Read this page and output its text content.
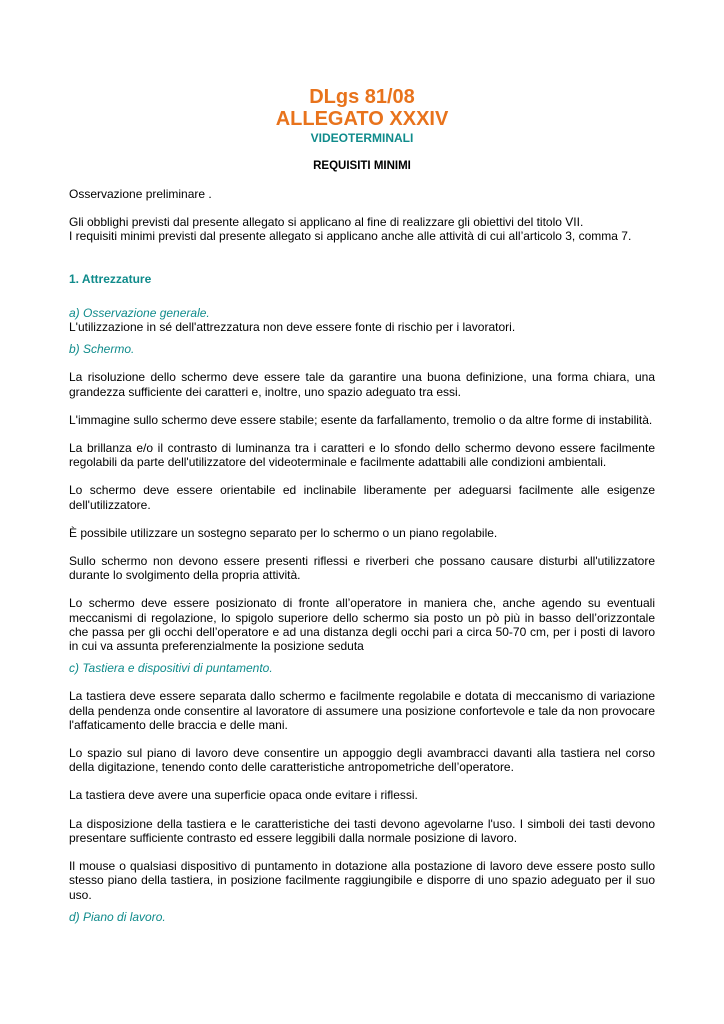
DLgs 81/08
ALLEGATO XXXIV
VIDEOTERMINALI
REQUISITI MINIMI

Osservazione preliminare .

Gli obblighi previsti dal presente allegato si applicano al fine di realizzare gli obiettivi del titolo VII.

I requisiti minimi previsti dal presente allegato si applicano anche alle attività di cui all’articolo 3, comma 7.

1. Attrezzature

a) Osservazione generale.

L'utilizzazione in sé dell'attrezzatura non deve essere fonte di rischio per i lavoratori.

b) Schermo.

La risoluzione dello schermo deve essere tale da garantire una buona definizione, una forma chiara, una grandezza sufficiente dei caratteri e, inoltre, uno spazio adeguato tra essi.

L'immagine sullo schermo deve essere stabile; esente da farfallamento, tremolio o da altre forme di instabilità.

La brillanza e/o il contrasto di luminanza tra i caratteri e lo sfondo dello schermo devono essere facilmente regolabili da parte dell'utilizzatore del videoterminale e facilmente adattabili alle condizioni ambientali.

Lo schermo deve essere orientabile ed inclinabile liberamente per adeguarsi facilmente alle esigenze dell'utilizzatore.

È possibile utilizzare un sostegno separato per lo schermo o un piano regolabile.

Sullo schermo non devono essere presenti riflessi e riverberi che possano causare disturbi all'utilizzatore durante lo svolgimento della propria attività.

Lo schermo deve essere posizionato di fronte all’operatore in maniera che, anche agendo su eventuali meccanismi di regolazione, lo spigolo superiore dello schermo sia posto un pò più in basso dell’orizzontale che passa per gli occhi dell’operatore e ad una distanza degli occhi pari a circa 50-70 cm, per i posti di lavoro in cui va assunta preferenzialmente la posizione seduta

c) Tastiera e dispositivi di puntamento.

La tastiera deve essere separata dallo schermo e facilmente regolabile e dotata di meccanismo di variazione della pendenza onde consentire al lavoratore di assumere una posizione confortevole e tale da non provocare l'affaticamento delle braccia e delle mani.

Lo spazio sul piano di lavoro deve consentire un appoggio degli avambracci davanti alla tastiera nel corso della digitazione, tenendo conto delle caratteristiche antropometriche dell’operatore.

La tastiera deve avere una superficie opaca onde evitare i riflessi.

La disposizione della tastiera e le caratteristiche dei tasti devono agevolarne l'uso. I simboli dei tasti devono presentare sufficiente contrasto ed essere leggibili dalla normale posizione di lavoro.

Il mouse o qualsiasi dispositivo di puntamento in dotazione alla postazione di lavoro deve essere posto sullo stesso piano della tastiera, in posizione facilmente raggiungibile e disporre di uno spazio adeguato per il suo uso.

d) Piano di lavoro.
